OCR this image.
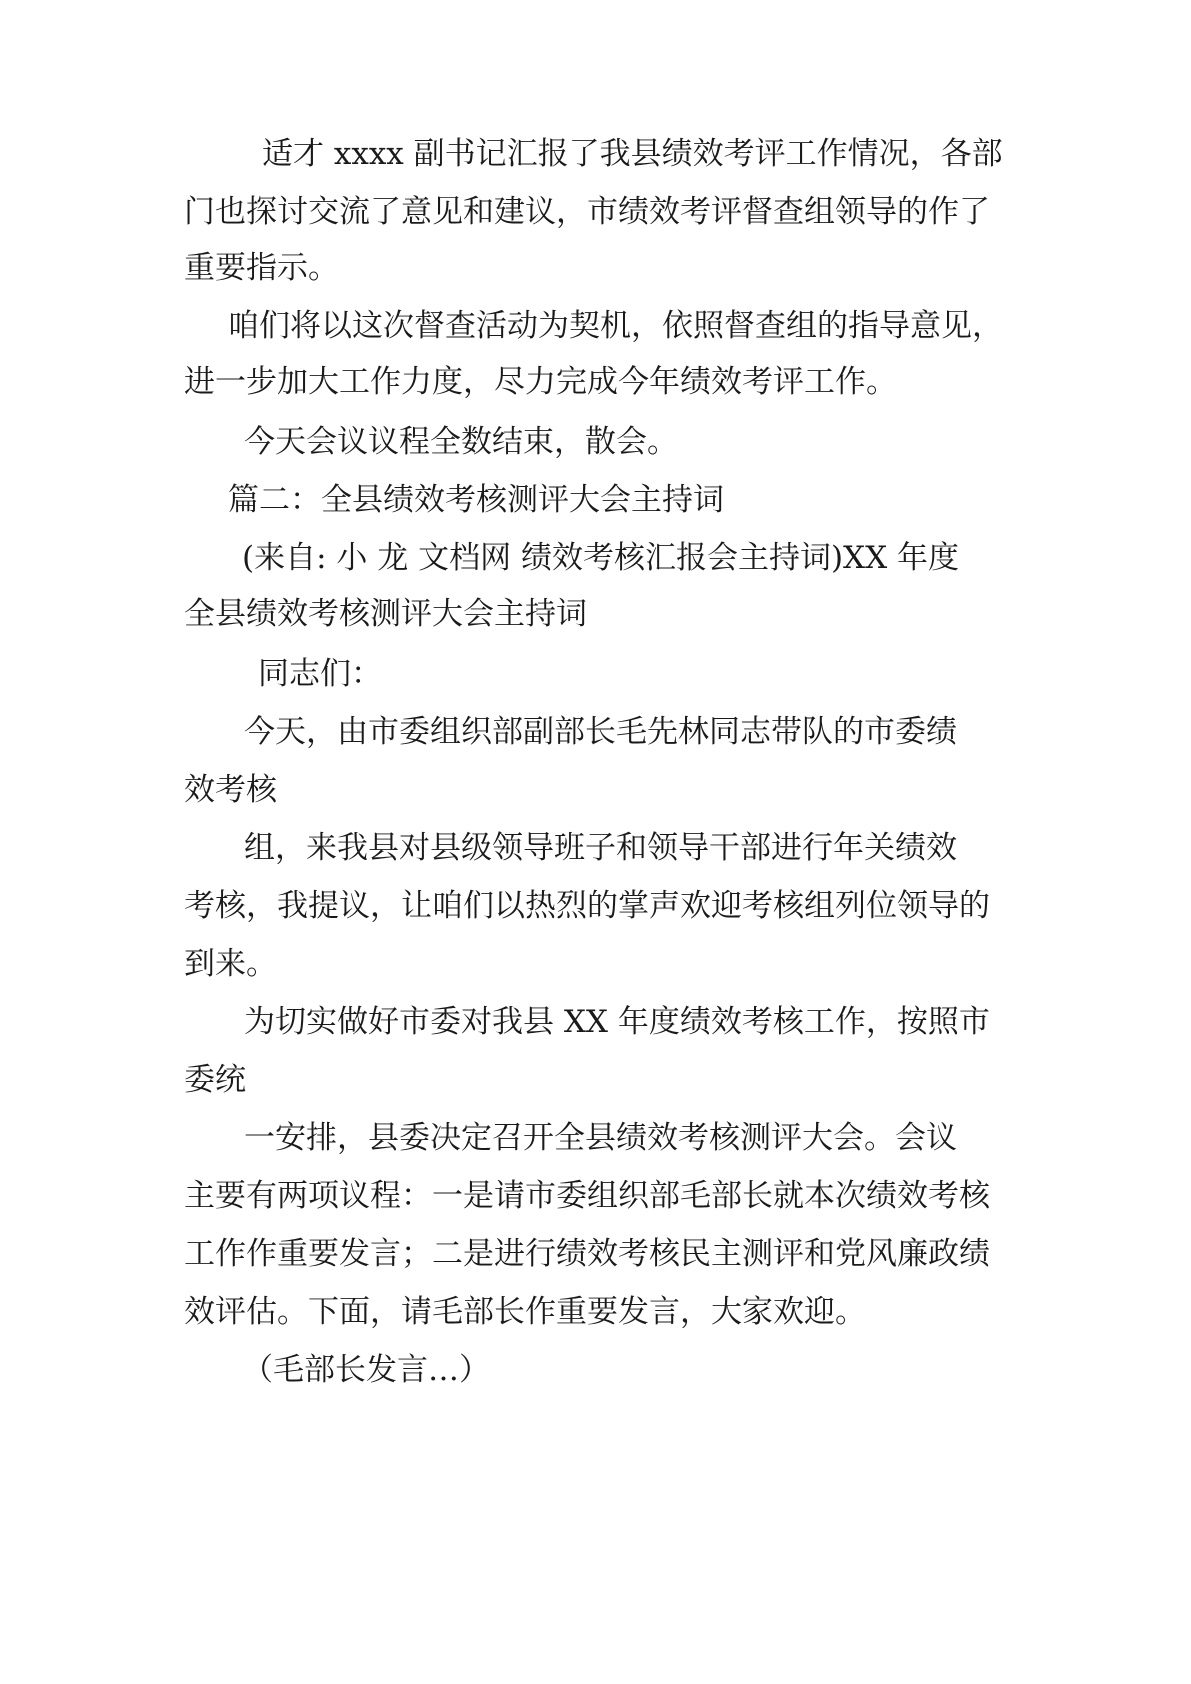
适才 xxxx 副书记汇报了我县绩效考评工作情况，各部
门也探讨交流了意见和建议，市绩效考评督查组领导的作了
重要指示。
咱们将以这次督查活动为契机，依照督查组的指导意见，
进一步加大工作力度，尽力完成今年绩效考评工作。
今天会议议程全数结束，散会。
篇二：全县绩效考核测评大会主持词
(来自: 小 龙 文档网 绩效考核汇报会主持词)XX 年度
全县绩效考核测评大会主持词
同志们：
今天，由市委组织部副部长毛先林同志带队的市委绩
效考核
组，来我县对县级领导班子和领导干部进行年关绩效
考核，我提议，让咱们以热烈的掌声欢迎考核组列位领导的
到来。
为切实做好市委对我县 XX 年度绩效考核工作，按照市
委统
一安排，县委决定召开全县绩效考核测评大会。会议
主要有两项议程：一是请市委组织部毛部长就本次绩效考核
工作作重要发言；二是进行绩效考核民主测评和党风廉政绩
效评估。下面，请毛部长作重要发言，大家欢迎。
（毛部长发言…）
